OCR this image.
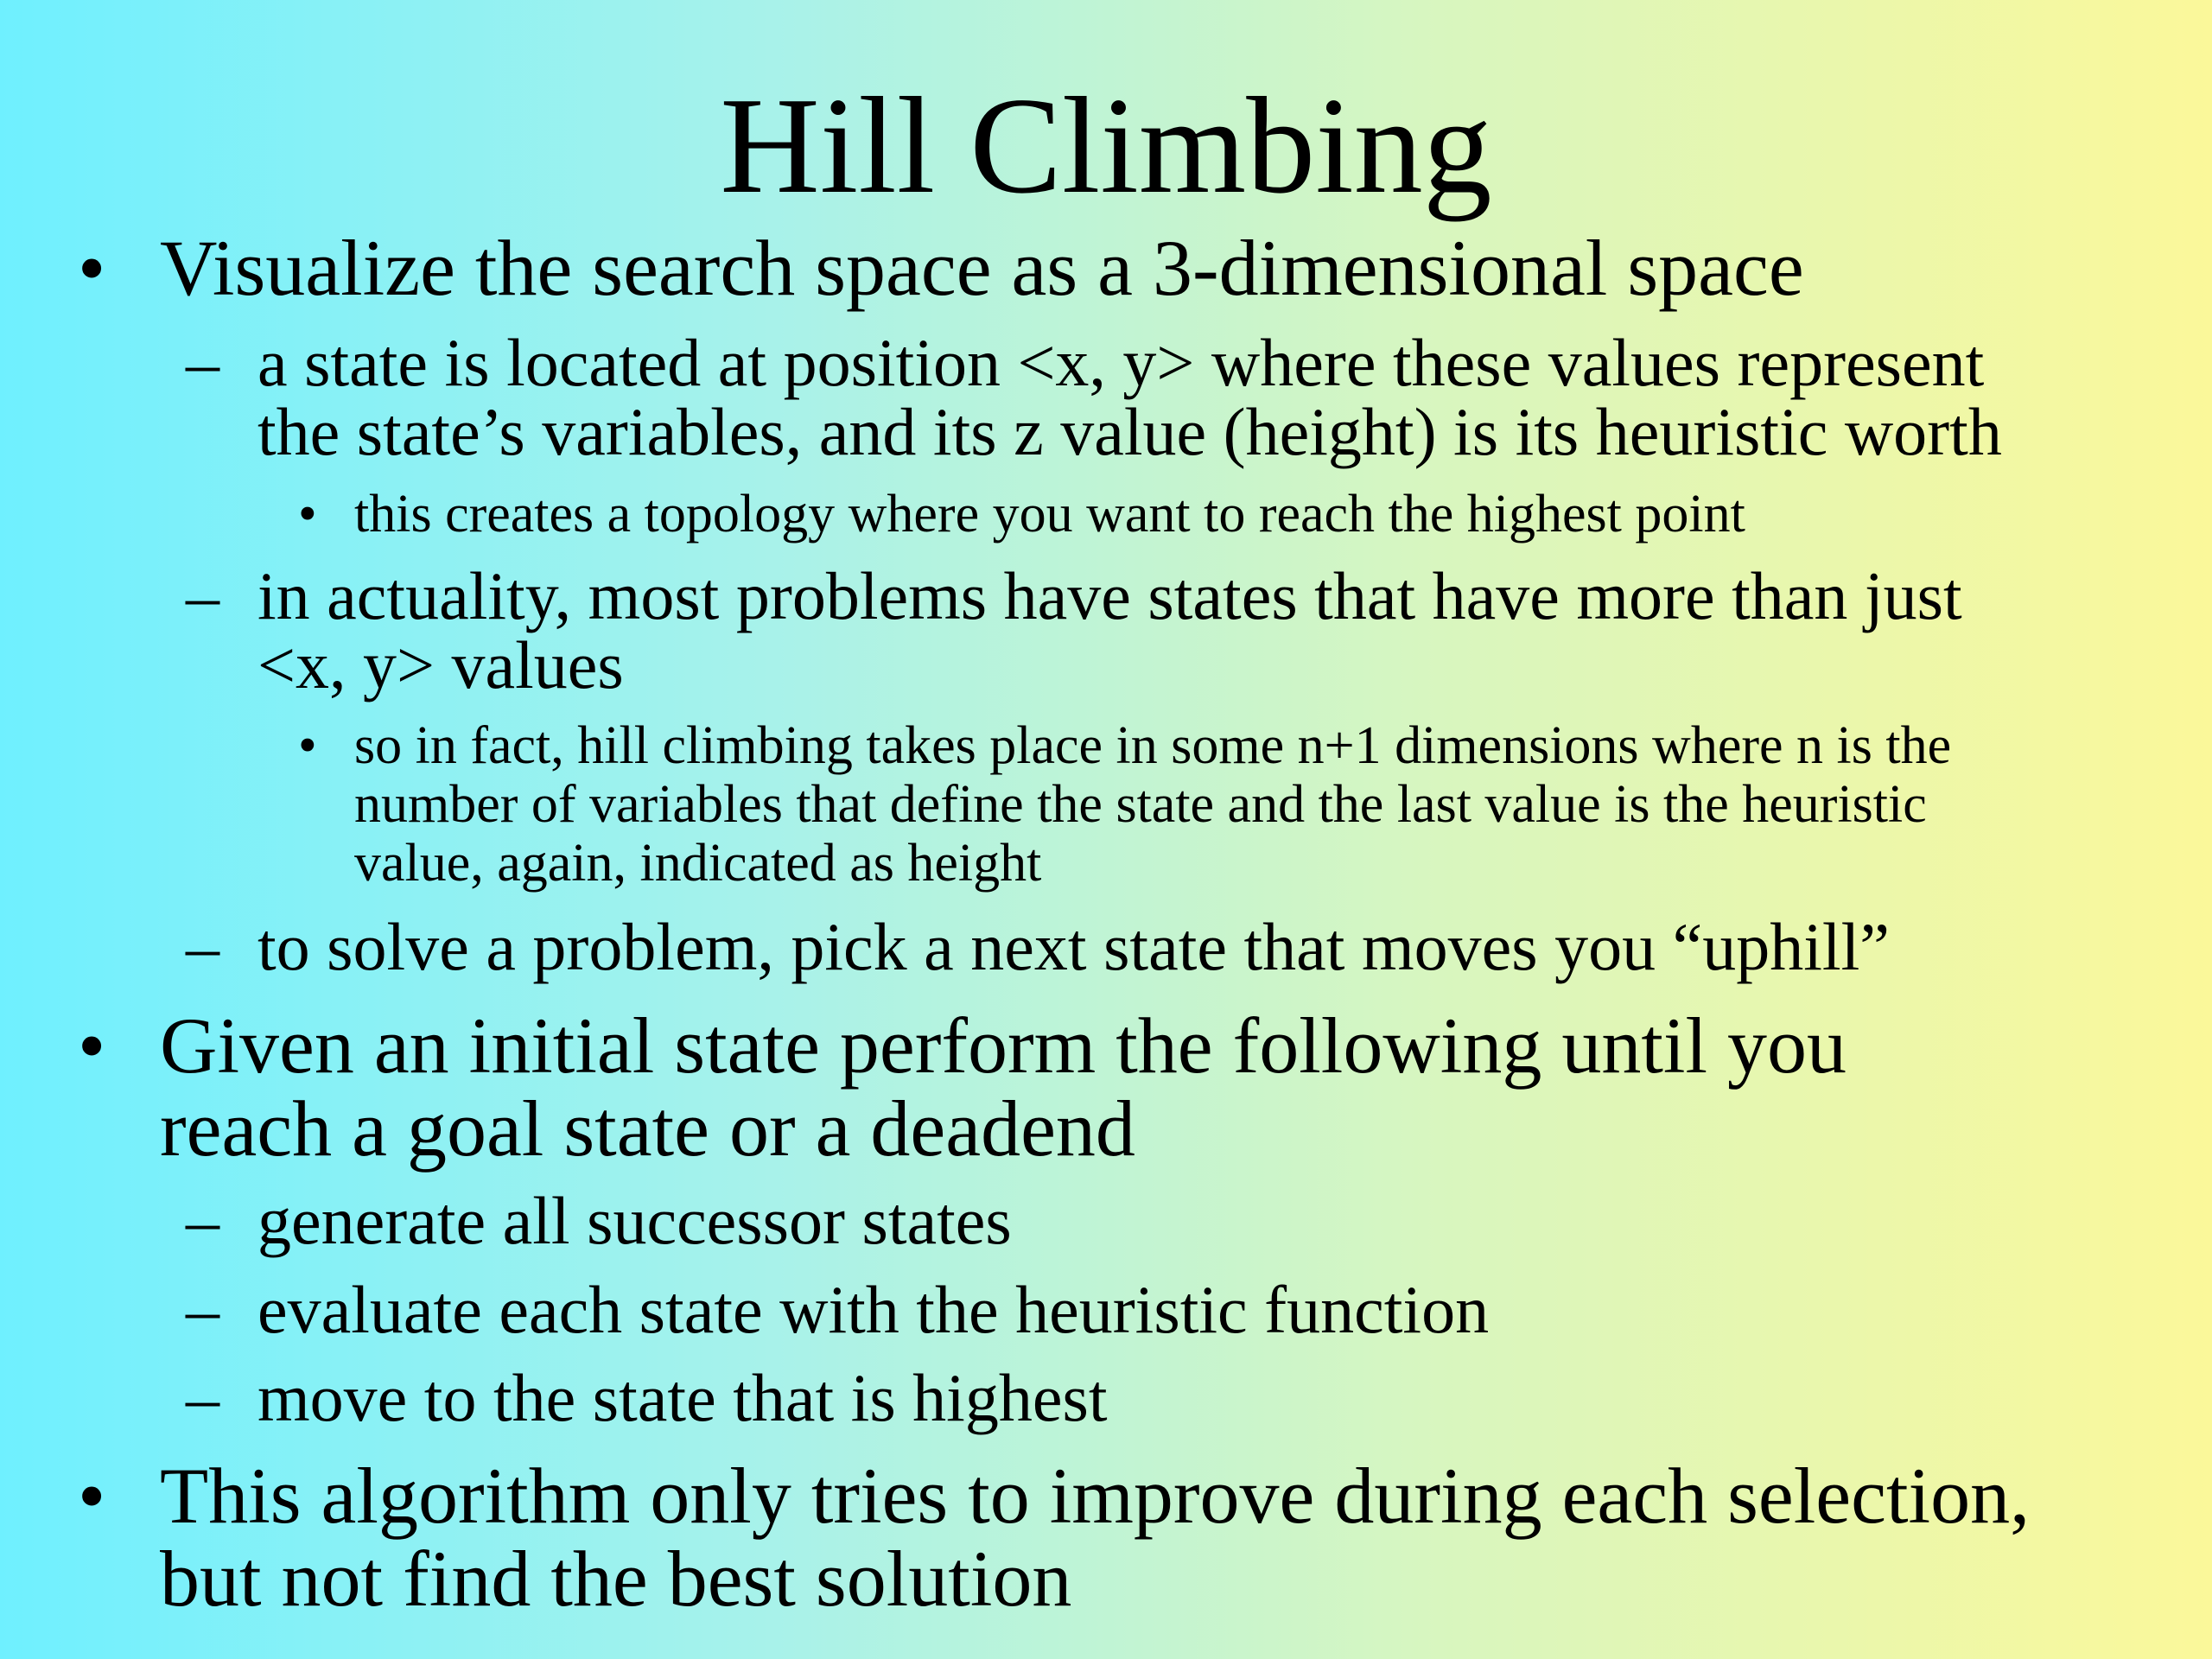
Hill Climbing
• Visualize the search space as a 3-dimensional space
– a state is located at position <x, y> where these values represent
the state’s variables, and its z value (height) is its heuristic worth
• this creates a topology where you want to reach the highest point
– in actuality, most problems have states that have more than just
<x, y> values
• so in fact, hill climbing takes place in some n+1 dimensions where n is the
number of variables that define the state and the last value is the heuristic
value, again, indicated as height
– to solve a problem, pick a next state that moves you “uphill”
• Given an initial state perform the following until you
reach a goal state or a deadend
– generate all successor states
– evaluate each state with the heuristic function
– move to the state that is highest
• This algorithm only tries to improve during each selection,
but not find the best solution
